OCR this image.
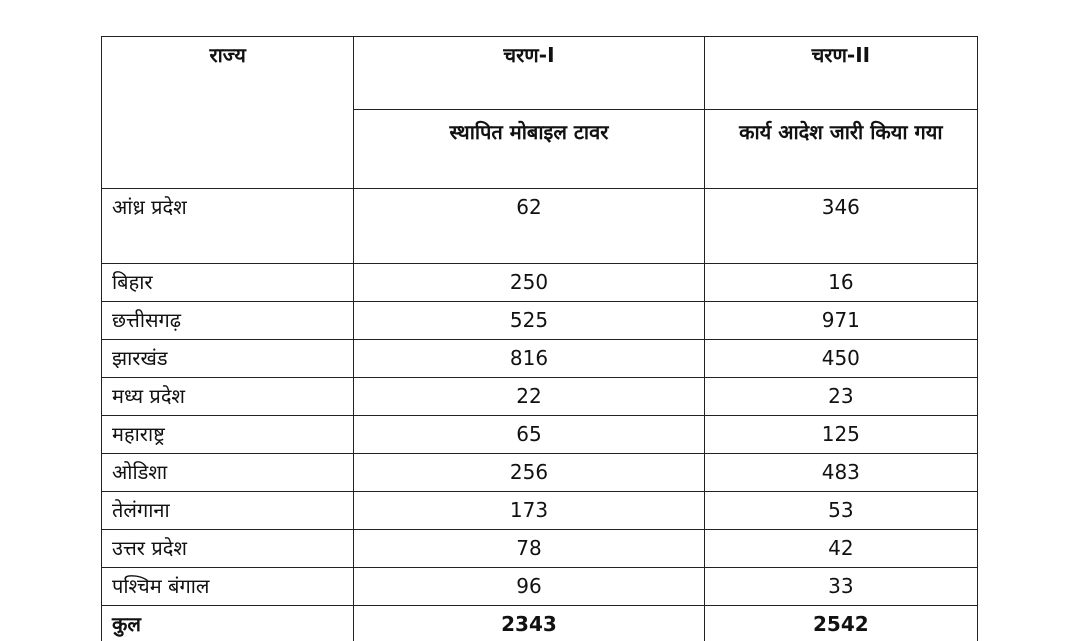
राज्य	चरण-I	चरण-II

	स्थापित मोबाइल टावर	कार्य आदेश जारी किया गया

आंध्र प्रदेश	62	346
बिहार	250	16
छत्तीसगढ़	525	971
झारखंड	816	450
मध्य प्रदेश	22	23
महाराष्ट्र	65	125
ओडिशा	256	483
तेलंगाना	173	53
उत्तर प्रदेश	78	42
पश्चिम बंगाल	96	33
कुल	2343	2542
